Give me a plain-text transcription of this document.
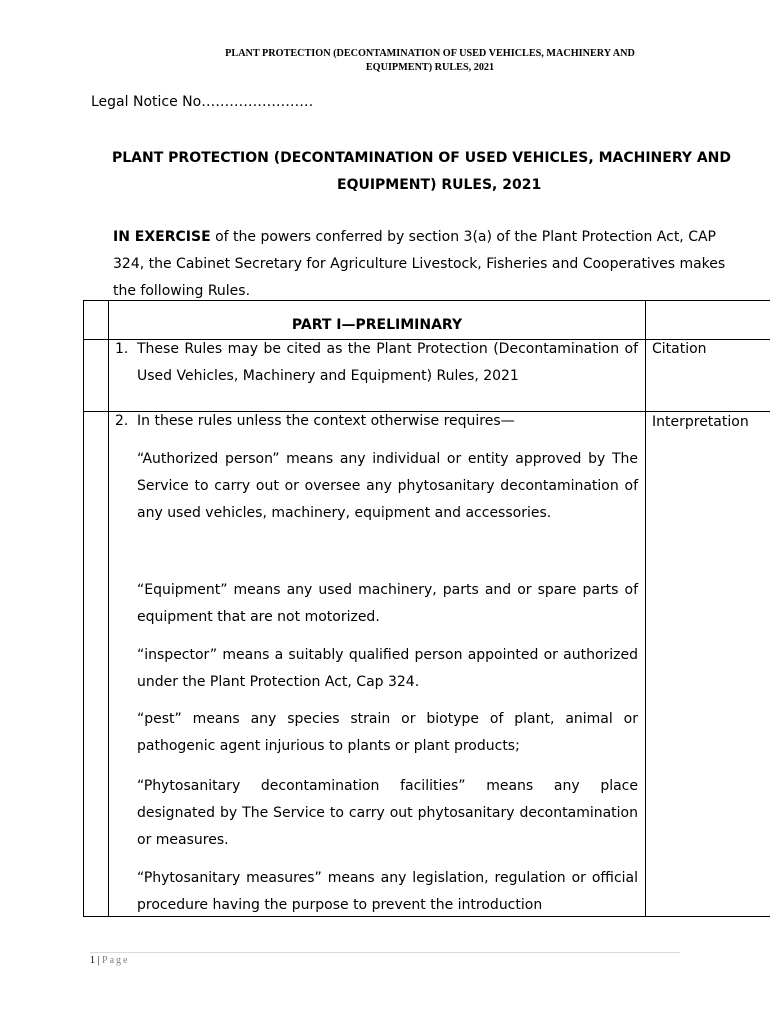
PLANT PROTECTION (DECONTAMINATION OF USED VEHICLES, MACHINERY AND
EQUIPMENT) RULES, 2021
Legal Notice No……………………
PLANT PROTECTION (DECONTAMINATION OF USED VEHICLES, MACHINERY AND
EQUIPMENT) RULES, 2021
IN EXERCISE of the powers conferred by section 3(a) of the Plant Protection Act, CAP
324, the Cabinet Secretary for Agriculture Livestock, Fisheries and Cooperatives makes
the following Rules.
PART I—PRELIMINARY
1. These Rules may be cited as the Plant Protection (Decontamination of Used Vehicles, Machinery and Equipment) Rules, 2021
Citation
2. In these rules unless the context otherwise requires—	Interpretation
“Authorized person” means any individual or entity approved by The Service to carry out or oversee any phytosanitary decontamination of any used vehicles, machinery, equipment and accessories.
“Equipment” means any used machinery, parts and or spare parts of equipment that are not motorized.
“inspector” means a suitably qualified person appointed or authorized under the Plant Protection Act, Cap 324.
“pest” means any species strain or biotype of plant, animal or pathogenic agent injurious to plants or plant products;
“Phytosanitary decontamination facilities” means any place designated by The Service to carry out phytosanitary decontamination or measures.
“Phytosanitary measures” means any legislation, regulation or official procedure having the purpose to prevent the introduction
1 | Page
